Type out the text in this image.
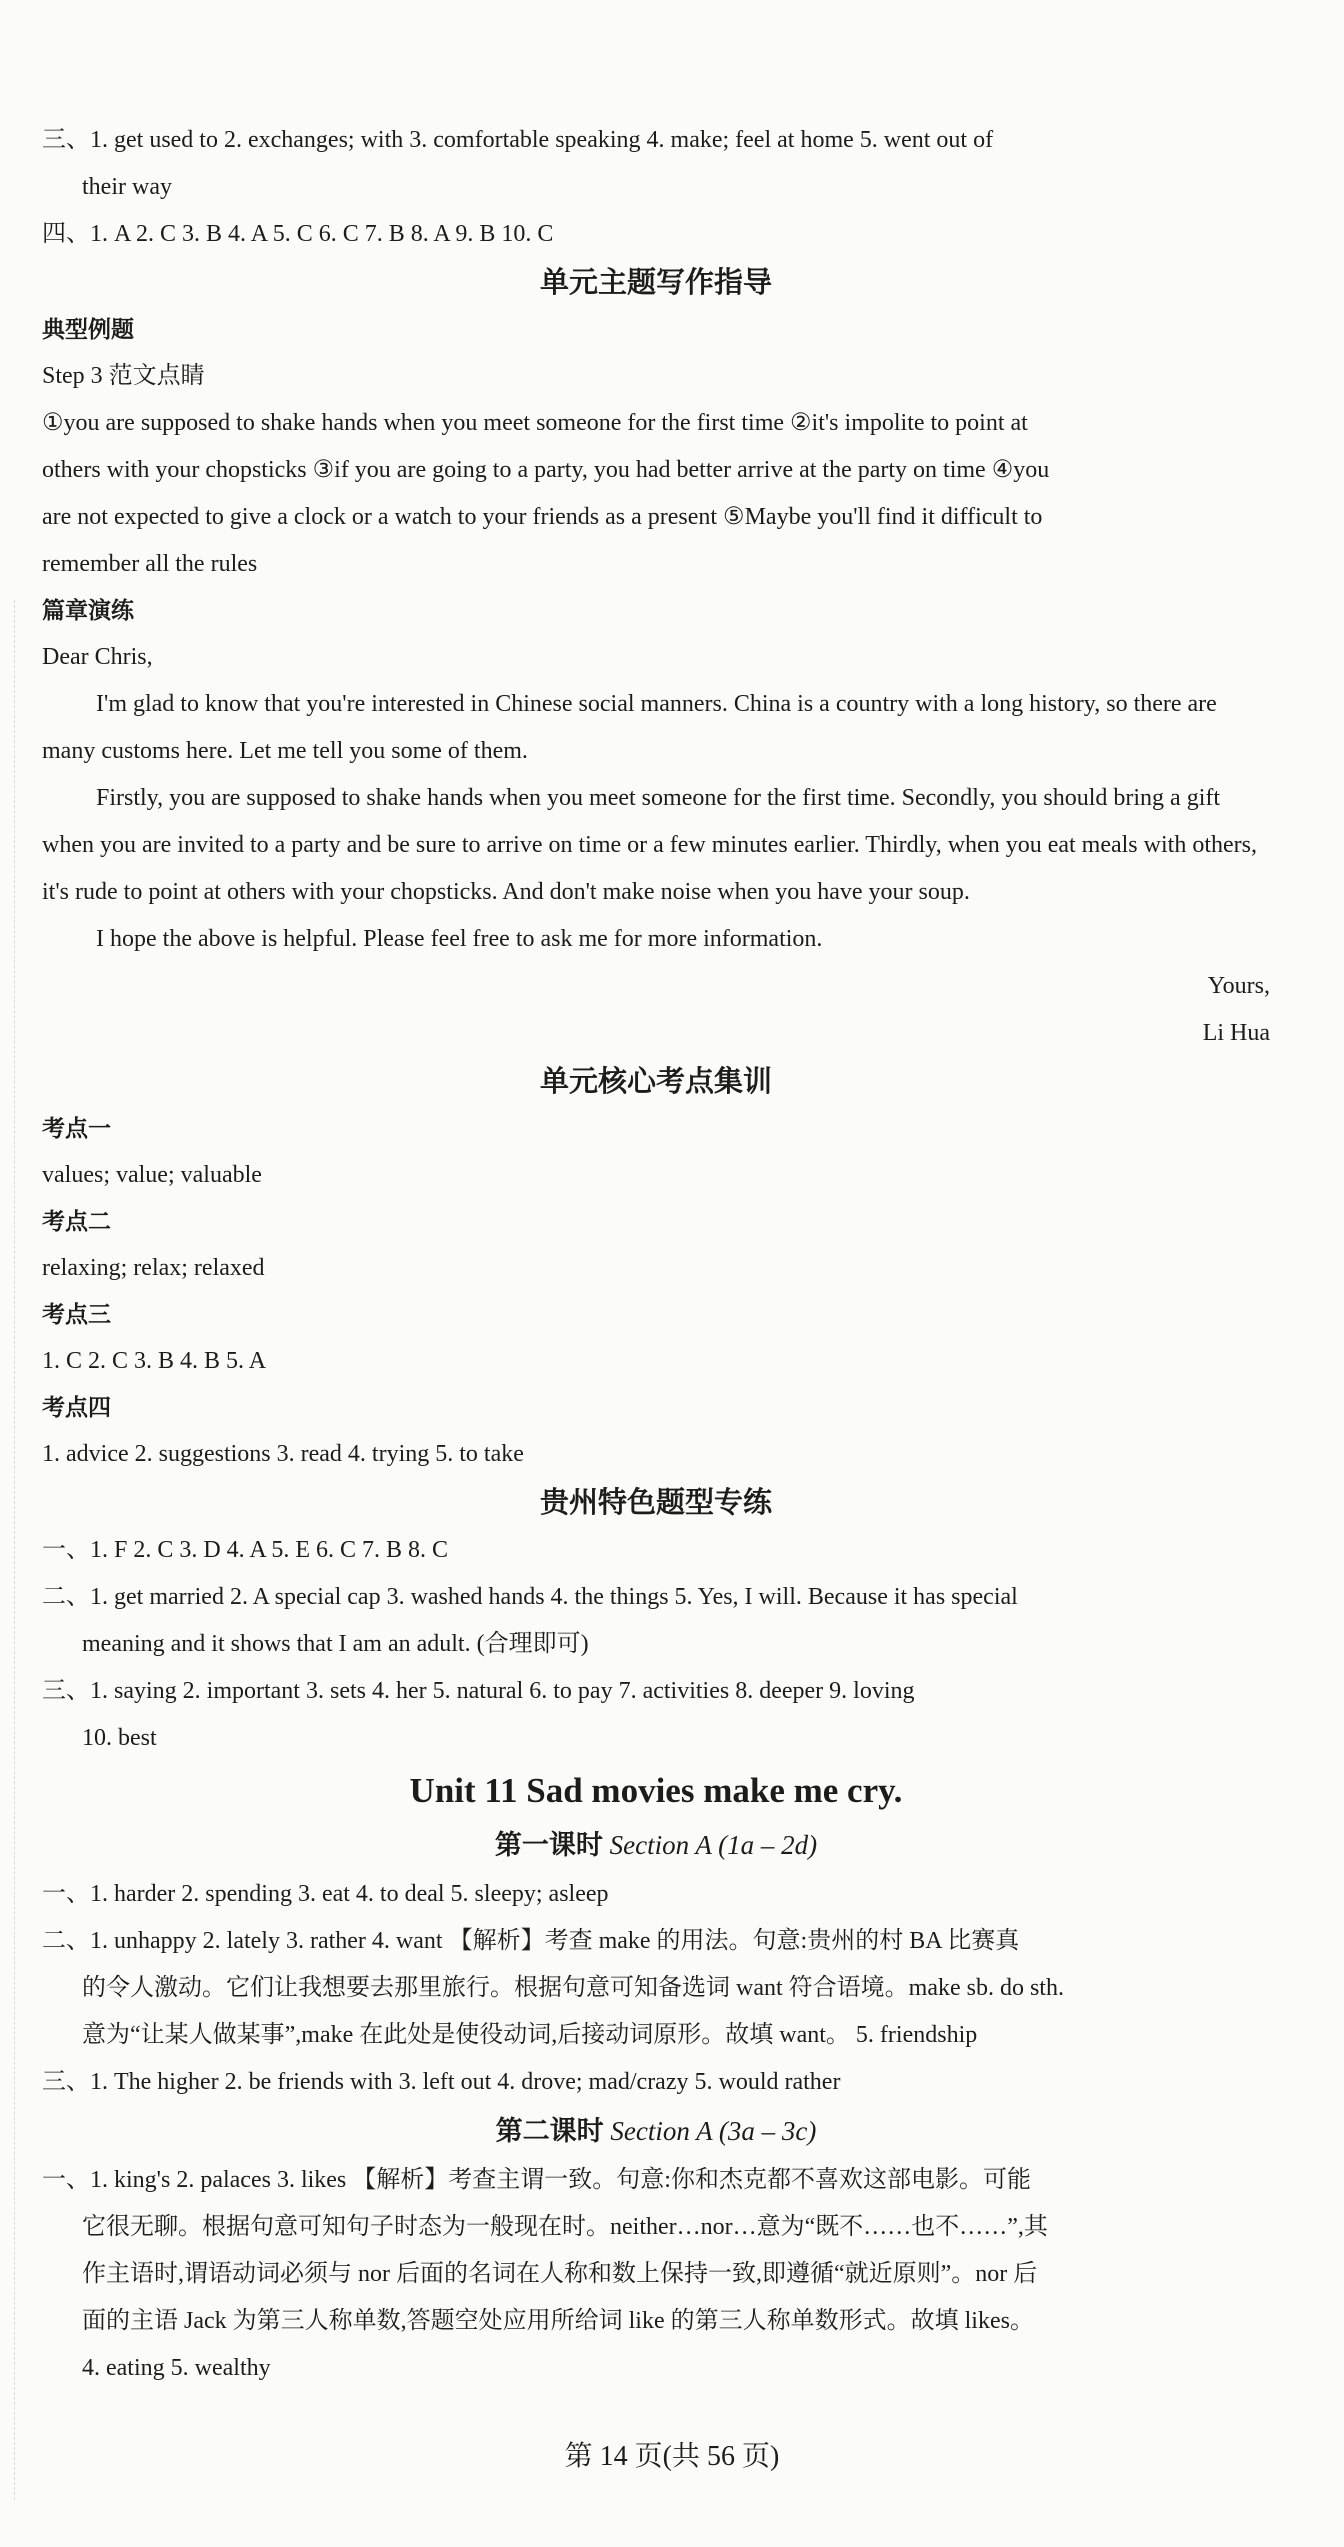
三、1. get used to 2. exchanges; with 3. comfortable speaking 4. make; feel at home 5. went out of
their way
四、1. A 2. C 3. B 4. A 5. C 6. C 7. B 8. A 9. B 10. C
单元主题写作指导
典型例题
Step 3 范文点睛
①you are supposed to shake hands when you meet someone for the first time ②it's impolite to point at
others with your chopsticks ③if you are going to a party, you had better arrive at the party on time ④you
are not expected to give a clock or a watch to your friends as a present ⑤Maybe you'll find it difficult to
remember all the rules
篇章演练
Dear Chris,
I'm glad to know that you're interested in Chinese social manners. China is a country with a long history, so there are many customs here. Let me tell you some of them.
Firstly, you are supposed to shake hands when you meet someone for the first time. Secondly, you should bring a gift when you are invited to a party and be sure to arrive on time or a few minutes earlier. Thirdly, when you eat meals with others, it's rude to point at others with your chopsticks. And don't make noise when you have your soup.
I hope the above is helpful. Please feel free to ask me for more information.
Yours,
Li Hua
单元核心考点集训
考点一
values; value; valuable
考点二
relaxing; relax; relaxed
考点三
1. C 2. C 3. B 4. B 5. A
考点四
1. advice 2. suggestions 3. read 4. trying 5. to take
贵州特色题型专练
一、1. F 2. C 3. D 4. A 5. E 6. C 7. B 8. C
二、1. get married 2. A special cap 3. washed hands 4. the things 5. Yes, I will. Because it has special
meaning and it shows that I am an adult. (合理即可)
三、1. saying 2. important 3. sets 4. her 5. natural 6. to pay 7. activities 8. deeper 9. loving
10. best
Unit 11 Sad movies make me cry.
第一课时 Section A (1a – 2d)
一、1. harder 2. spending 3. eat 4. to deal 5. sleepy; asleep
二、1. unhappy 2. lately 3. rather 4. want 【解析】考查 make 的用法。句意:贵州的村 BA 比赛真
的令人激动。它们让我想要去那里旅行。根据句意可知备选词 want 符合语境。make sb. do sth.
意为“让某人做某事”,make 在此处是使役动词,后接动词原形。故填 want。 5. friendship
三、1. The higher 2. be friends with 3. left out 4. drove; mad/crazy 5. would rather
第二课时 Section A (3a – 3c)
一、1. king's 2. palaces 3. likes 【解析】考查主谓一致。句意:你和杰克都不喜欢这部电影。可能
它很无聊。根据句意可知句子时态为一般现在时。neither…nor…意为“既不……也不……”,其
作主语时,谓语动词必须与 nor 后面的名词在人称和数上保持一致,即遵循“就近原则”。nor 后
面的主语 Jack 为第三人称单数,答题空处应用所给词 like 的第三人称单数形式。故填 likes。
4. eating 5. wealthy
第 14 页(共 56 页)
